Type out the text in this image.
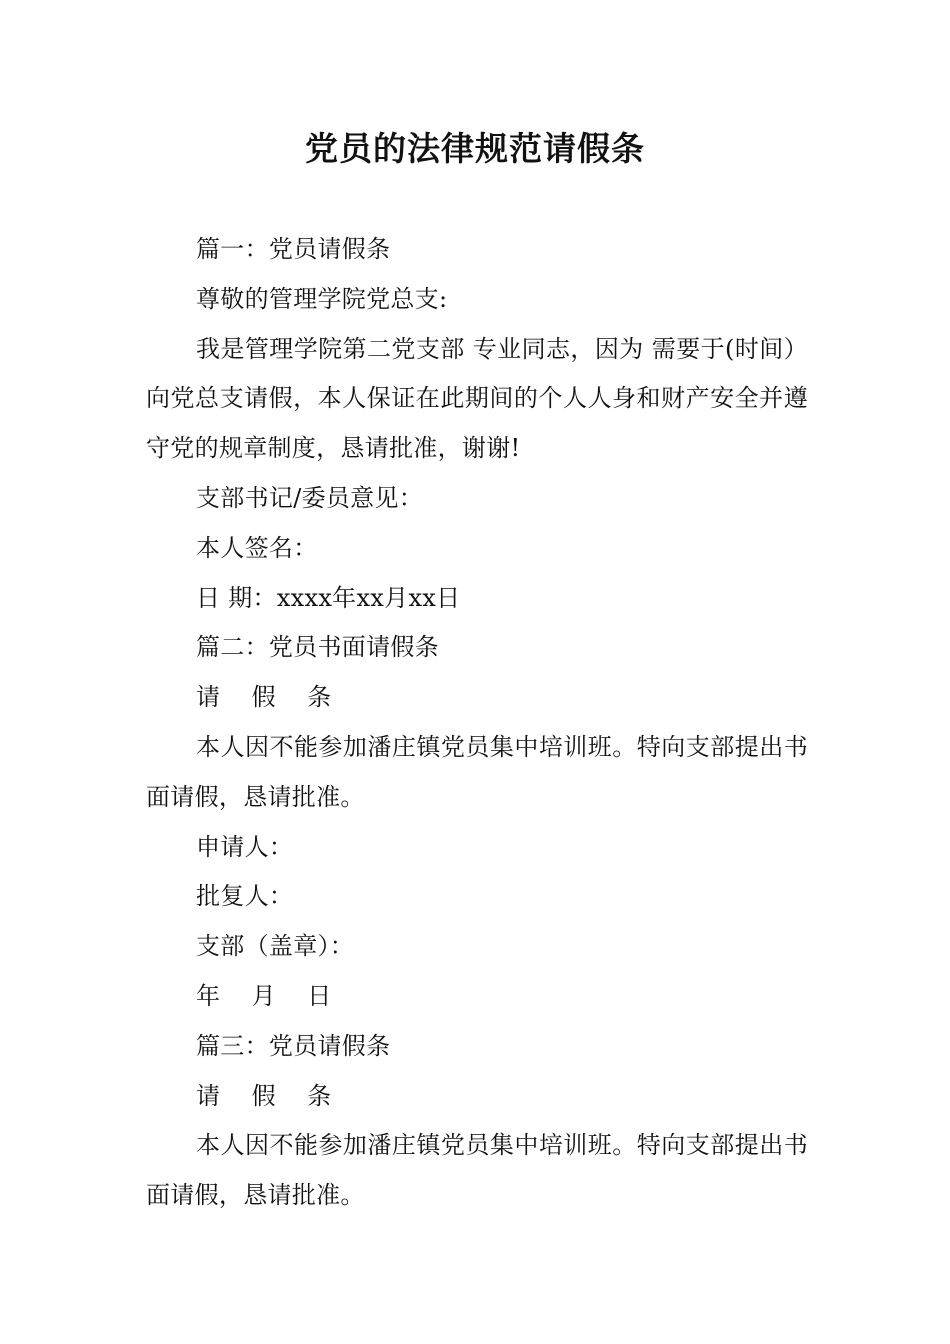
党员的法律规范请假条

篇一：党员请假条

尊敬的管理学院党总支:

我是管理学院第二党支部 专业同志，因为 需要于(时间）向党总支请假，本人保证在此期间的个人人身和财产安全并遵守党的规章制度，恳请批准，谢谢!

支部书记/委员意见：

本人签名：

日 期：xxxx年xx月xx日

篇二：党员书面请假条

请 假 条

本人因不能参加潘庄镇党员集中培训班。特向支部提出书面请假，恳请批准。

申请人：

批复人：

支部（盖章）：

年 月 日

篇三：党员请假条

请 假 条

本人因不能参加潘庄镇党员集中培训班。特向支部提出书面请假，恳请批准。
